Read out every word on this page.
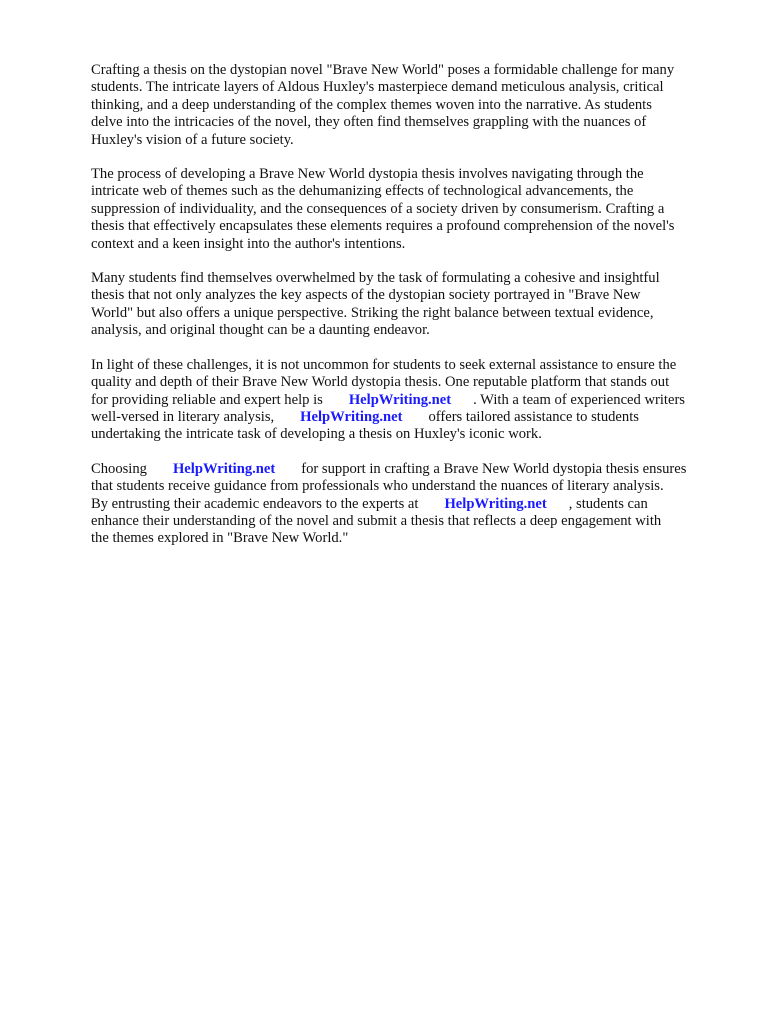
Crafting a thesis on the dystopian novel "Brave New World" poses a formidable challenge for many
students. The intricate layers of Aldous Huxley's masterpiece demand meticulous analysis, critical
thinking, and a deep understanding of the complex themes woven into the narrative. As students
delve into the intricacies of the novel, they often find themselves grappling with the nuances of
Huxley's vision of a future society.

The process of developing a Brave New World dystopia thesis involves navigating through the
intricate web of themes such as the dehumanizing effects of technological advancements, the
suppression of individuality, and the consequences of a society driven by consumerism. Crafting a
thesis that effectively encapsulates these elements requires a profound comprehension of the novel's
context and a keen insight into the author's intentions.

Many students find themselves overwhelmed by the task of formulating a cohesive and insightful
thesis that not only analyzes the key aspects of the dystopian society portrayed in "Brave New
World" but also offers a unique perspective. Striking the right balance between textual evidence,
analysis, and original thought can be a daunting endeavor.

In light of these challenges, it is not uncommon for students to seek external assistance to ensure the
quality and depth of their Brave New World dystopia thesis. One reputable platform that stands out
for providing reliable and expert help is HelpWriting.net . With a team of experienced writers
well-versed in literary analysis, HelpWriting.net offers tailored assistance to students
undertaking the intricate task of developing a thesis on Huxley's iconic work.

Choosing HelpWriting.net for support in crafting a Brave New World dystopia thesis ensures
that students receive guidance from professionals who understand the nuances of literary analysis.
By entrusting their academic endeavors to the experts at HelpWriting.net , students can
enhance their understanding of the novel and submit a thesis that reflects a deep engagement with
the themes explored in "Brave New World."
